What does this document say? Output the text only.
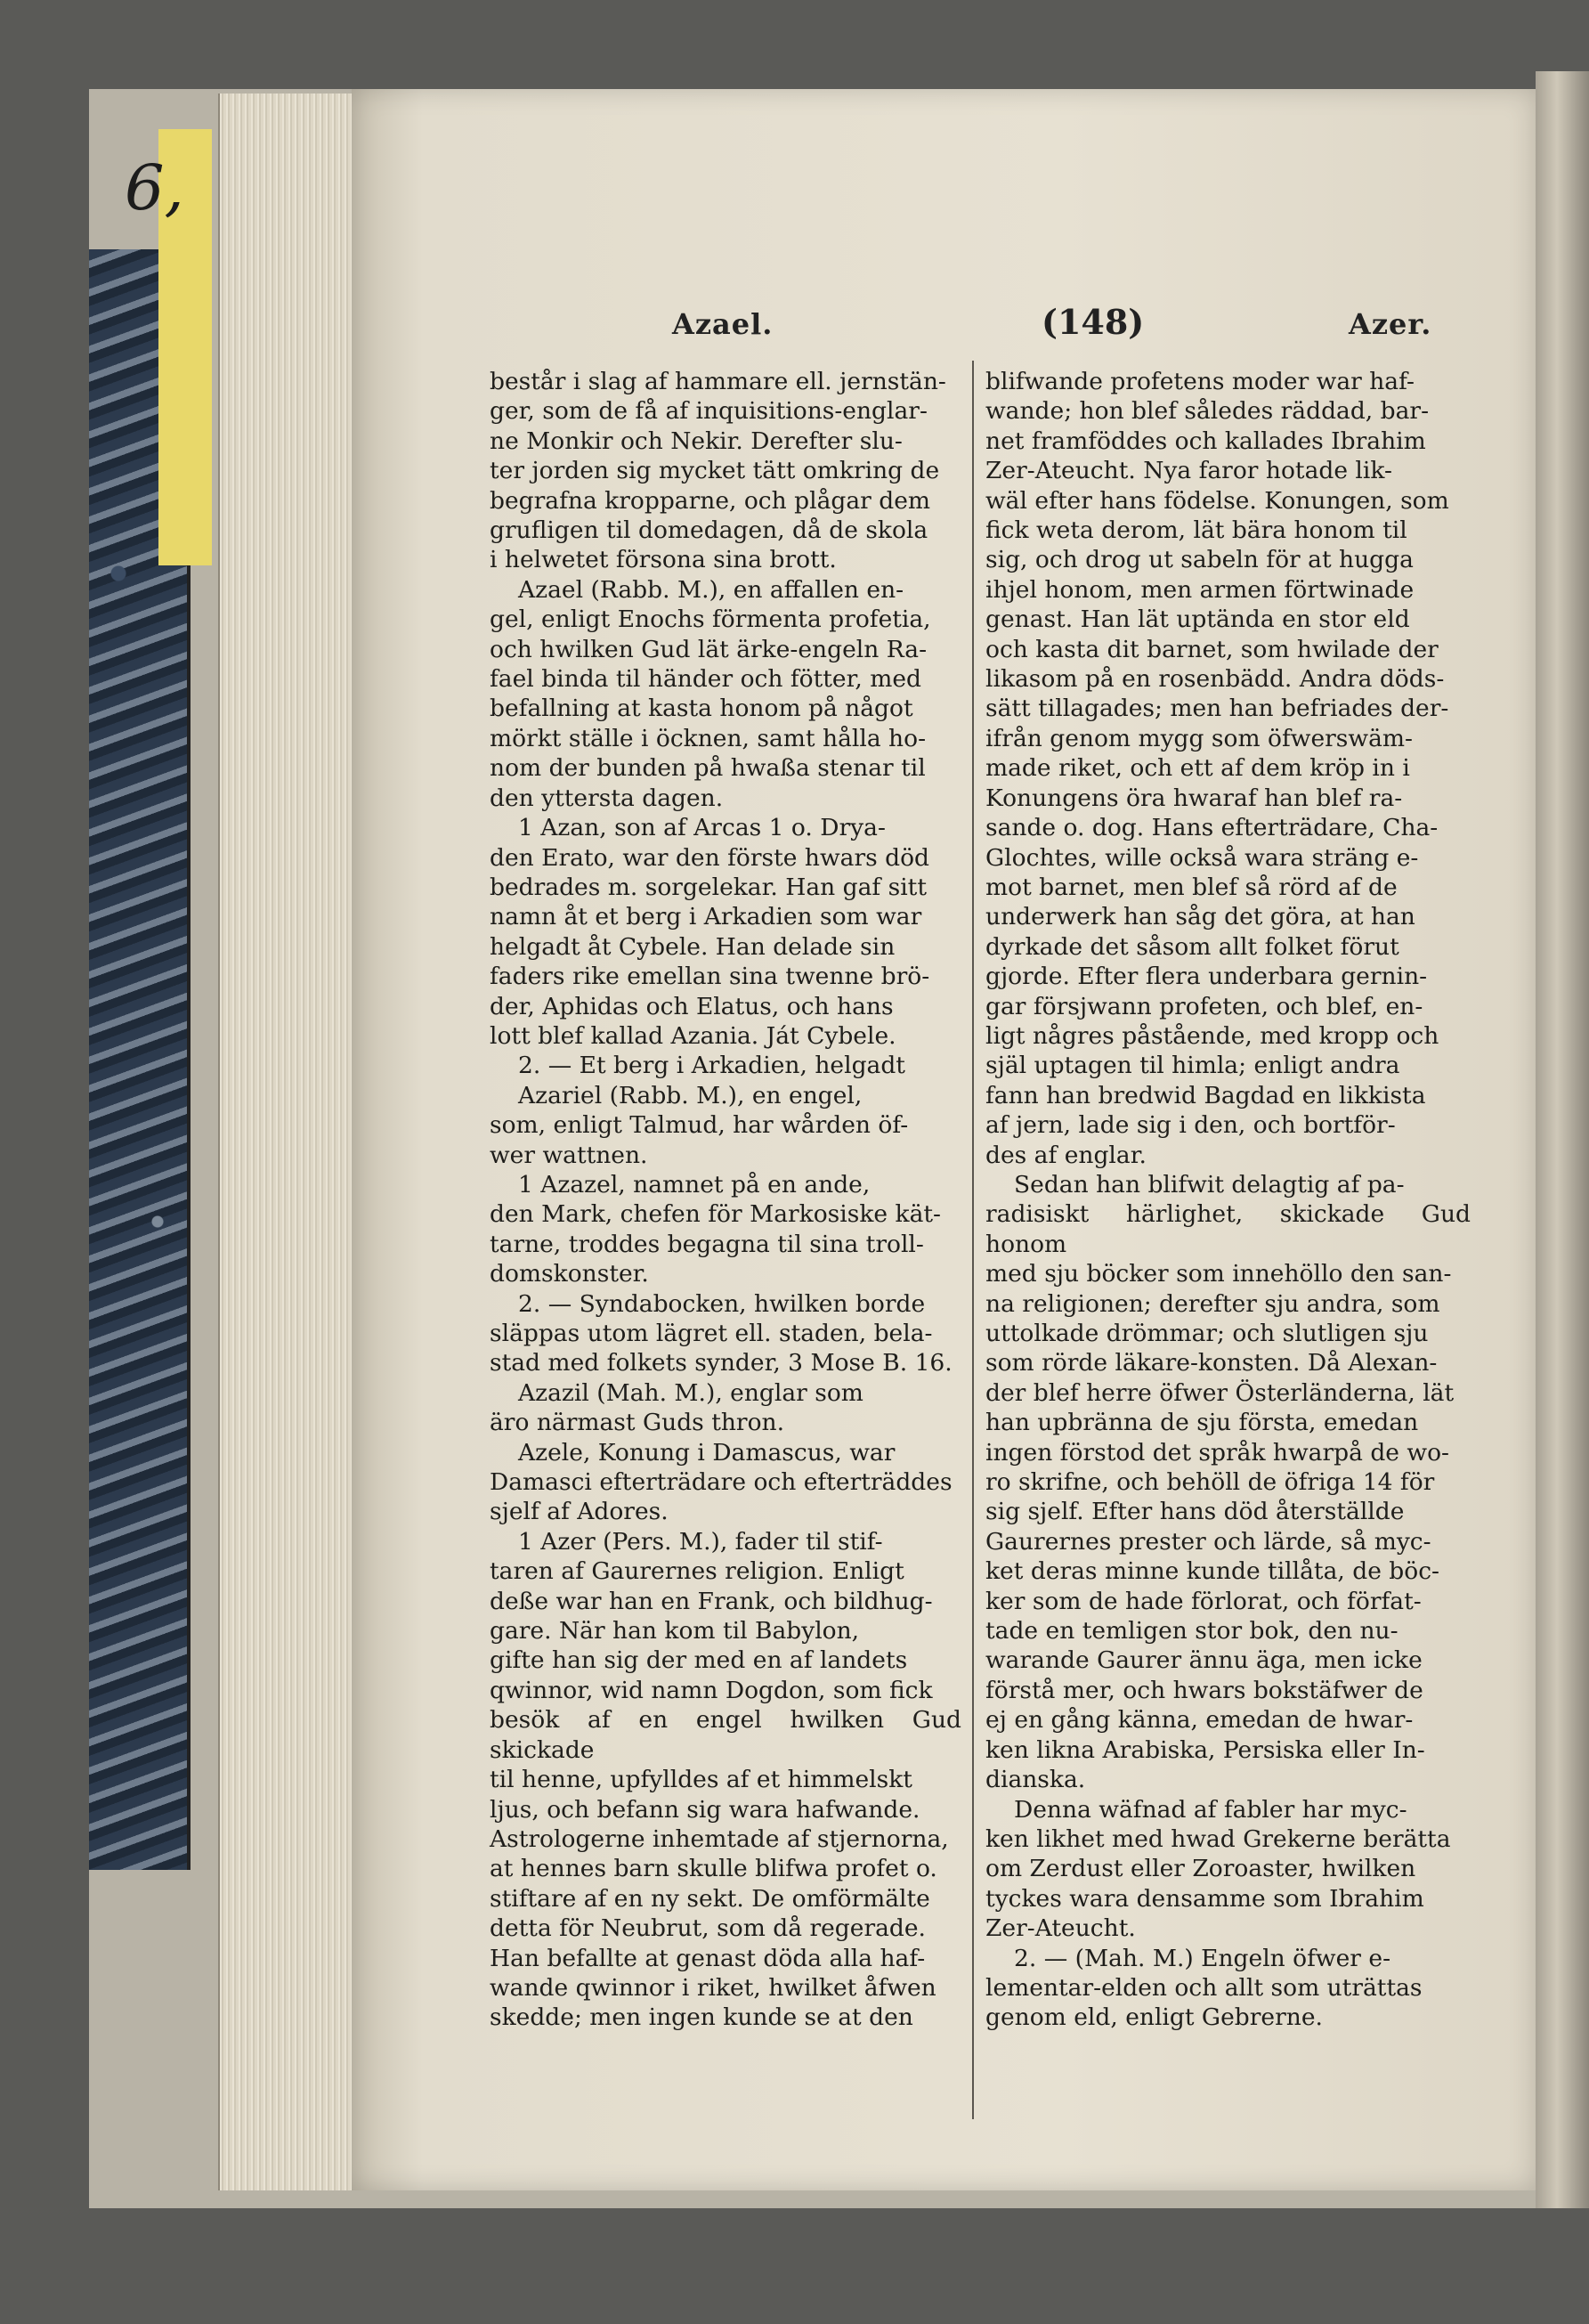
6,
Azael.	(148)	Azer.

består i slag af hammare ell. jernstän-
ger, som de få af inquisitions-englar-
ne Monkir och Nekir. Derefter slu-
ter jorden sig mycket tätt omkring de
begrafna kropparne, och plågar dem
grufligen til domedagen, då de skola
i helwetet försona sina brott.

Azael (Rabb. M.), en affallen en-
gel, enligt Enochs förmenta profetia,
och hwilken Gud lät ärke-engeln Ra-
fael binda til händer och fötter, med
befallning at kasta honom på något
mörkt ställe i öcknen, samt hålla ho-
nom der bunden på hwaßa stenar til
den yttersta dagen.

1 Azan, son af Arcas 1 o. Drya-
den Erato, war den förste hwars död
bedrades m. sorgelekar. Han gaf sitt
namn åt et berg i Arkadien som war
helgadt åt Cybele. Han delade sin
faders rike emellan sina twenne brö-
der, Aphidas och Elatus, och hans
lott blef kallad Azania. Ját Cybele.

2. — Et berg i Arkadien, helgadt

Azariel (Rabb. M.), en engel,
som, enligt Talmud, har wården öf-
wer wattnen.

1 Azazel, namnet på en ande,
den Mark, chefen för Markosiske kät-
tarne, troddes begagna til sina troll-
domskonster.

2. — Syndabocken, hwilken borde
släppas utom lägret ell. staden, bela-
stad med folkets synder, 3 Mose B. 16.

Azazil (Mah. M.), englar som
äro närmast Guds thron.

Azele, Konung i Damascus, war
Damasci efterträdare och efterträddes
sjelf af Adores.

1 Azer (Pers. M.), fader til stif-
taren af Gaurernes religion. Enligt
deße war han en Frank, och bildhug-
gare. När han kom til Babylon,
gifte han sig der med en af landets
qwinnor, wid namn Dogdon, som fick
besök af en engel hwilken Gud skickade
til henne, upfylldes af et himmelskt
ljus, och befann sig wara hafwande.
Astrologerne inhemtade af stjernorna,
at hennes barn skulle blifwa profet o.
stiftare af en ny sekt. De omförmälte
detta för Neubrut, som då regerade.
Han befallte at genast döda alla haf-
wande qwinnor i riket, hwilket åfwen
skedde; men ingen kunde se at den

blifwande profetens moder war haf-
wande; hon blef således räddad, bar-
net framföddes och kallades Ibrahim
Zer-Ateucht. Nya faror hotade lik-
wäl efter hans födelse. Konungen, som
fick weta derom, lät bära honom til
sig, och drog ut sabeln för at hugga
ihjel honom, men armen förtwinade
genast. Han lät uptända en stor eld
och kasta dit barnet, som hwilade der
likasom på en rosenbädd. Andra döds-
sätt tillagades; men han befriades der-
ifrån genom mygg som öfwerswäm-
made riket, och ett af dem kröp in i
Konungens öra hwaraf han blef ra-
sande o. dog. Hans efterträdare, Cha-
Glochtes, wille också wara sträng e-
mot barnet, men blef så rörd af de
underwerk han såg det göra, at han
dyrkade det såsom allt folket förut
gjorde. Efter flera underbara gernin-
gar försjwann profeten, och blef, en-
ligt någres påstående, med kropp och
själ uptagen til himla; enligt andra
fann han bredwid Bagdad en likkista
af jern, lade sig i den, och bortför-
des af englar.

Sedan han blifwit delagtig af pa-
radisiskt härlighet, skickade Gud honom
med sju böcker som innehöllo den san-
na religionen; derefter sju andra, som
uttolkade drömmar; och slutligen sju
som rörde läkare-konsten. Då Alexan-
der blef herre öfwer Österländerna, lät
han upbränna de sju första, emedan
ingen förstod det språk hwarpå de wo-
ro skrifne, och behöll de öfriga 14 för
sig sjelf. Efter hans död återställde
Gaurernes prester och lärde, så myc-
ket deras minne kunde tillåta, de böc-
ker som de hade förlorat, och förfat-
tade en temligen stor bok, den nu-
warande Gaurer ännu äga, men icke
förstå mer, och hwars bokstäfwer de
ej en gång känna, emedan de hwar-
ken likna Arabiska, Persiska eller In-
dianska.

Denna wäfnad af fabler har myc-
ken likhet med hwad Grekerne berätta
om Zerdust eller Zoroaster, hwilken
tyckes wara densamme som Ibrahim
Zer-Ateucht.

2. — (Mah. M.) Engeln öfwer e-
lementar-elden och allt som uträttas
genom eld, enligt Gebrerne.
